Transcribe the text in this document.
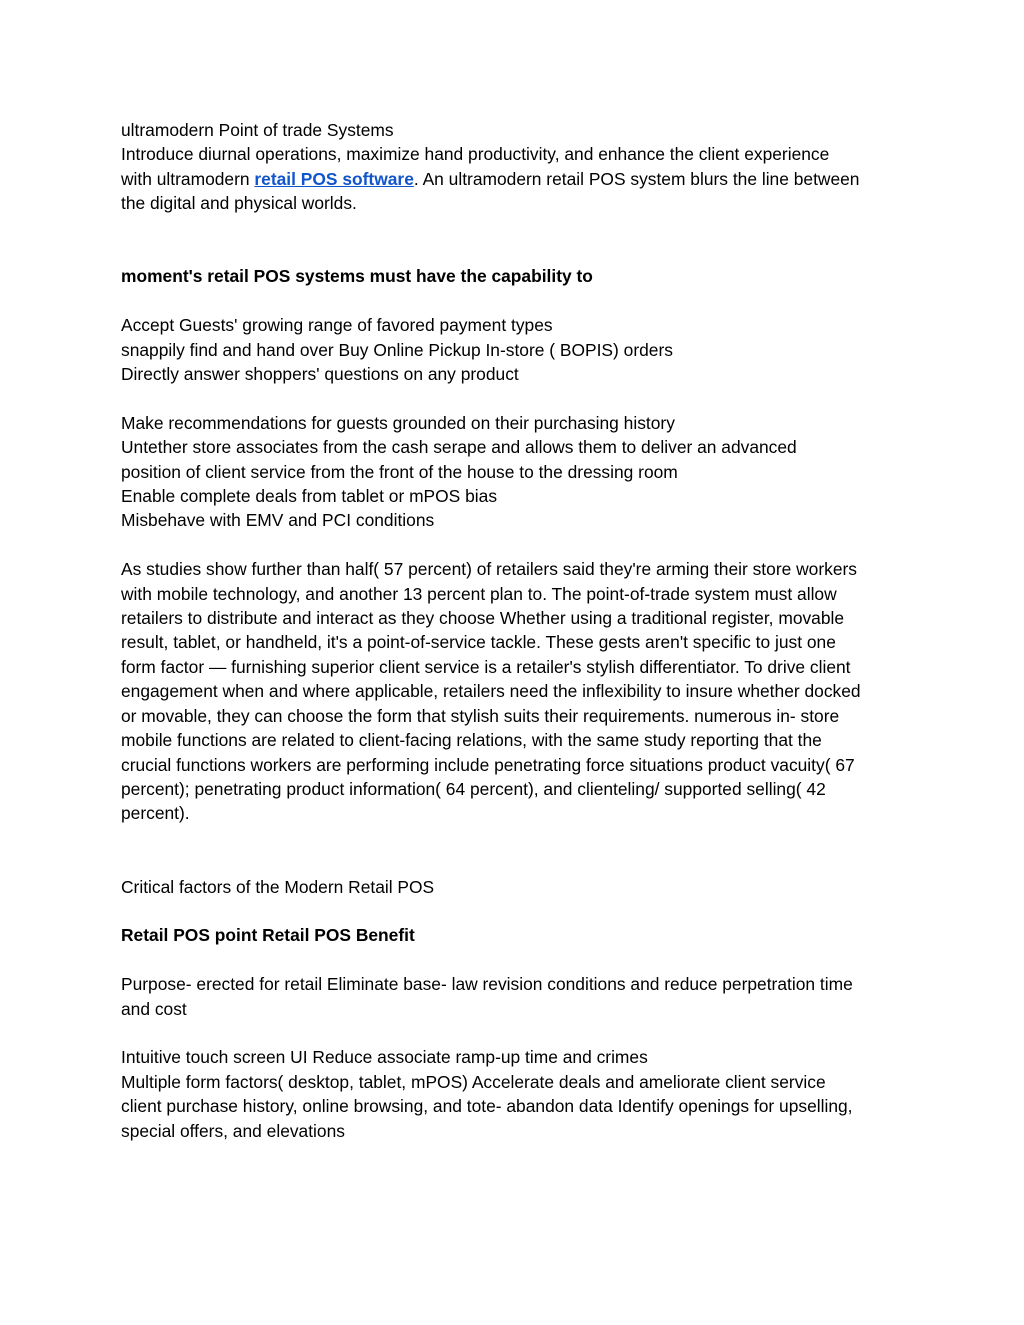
ultramodern Point of trade Systems
Introduce diurnal operations, maximize hand productivity, and enhance the client experience
with ultramodern retail POS software. An ultramodern retail POS system blurs the line between
the digital and physical worlds.
moment's retail POS systems must have the capability to
Accept Guests' growing range of favored payment types
snappily find and hand over Buy Online Pickup In-store ( BOPIS) orders
Directly answer shoppers' questions on any product
Make recommendations for guests grounded on their purchasing history
Untether store associates from the cash serape and allows them to deliver an advanced
position of client service from the front of the house to the dressing room
Enable complete deals from tablet or mPOS bias
Misbehave with EMV and PCI conditions
As studies show further than half( 57 percent) of retailers said they're arming their store workers
with mobile technology, and another 13 percent plan to. The point-of-trade system must allow
retailers to distribute and interact as they choose Whether using a traditional register, movable
result, tablet, or handheld, it's a point-of-service tackle. These gests aren't specific to just one
form factor — furnishing superior client service is a retailer's stylish differentiator. To drive client
engagement when and where applicable, retailers need the inflexibility to insure whether docked
or movable, they can choose the form that stylish suits their requirements. numerous in- store
mobile functions are related to client-facing relations, with the same study reporting that the
crucial functions workers are performing include penetrating force situations product vacuity( 67
percent); penetrating product information( 64 percent), and clienteling/ supported selling( 42
percent).
Critical factors of the Modern Retail POS
Retail POS point Retail POS Benefit
Purpose- erected for retail Eliminate base- law revision conditions and reduce perpetration time
and cost
Intuitive touch screen UI Reduce associate ramp-up time and crimes
Multiple form factors( desktop, tablet, mPOS) Accelerate deals and ameliorate client service
client purchase history, online browsing, and tote- abandon data Identify openings for upselling,
special offers, and elevations
